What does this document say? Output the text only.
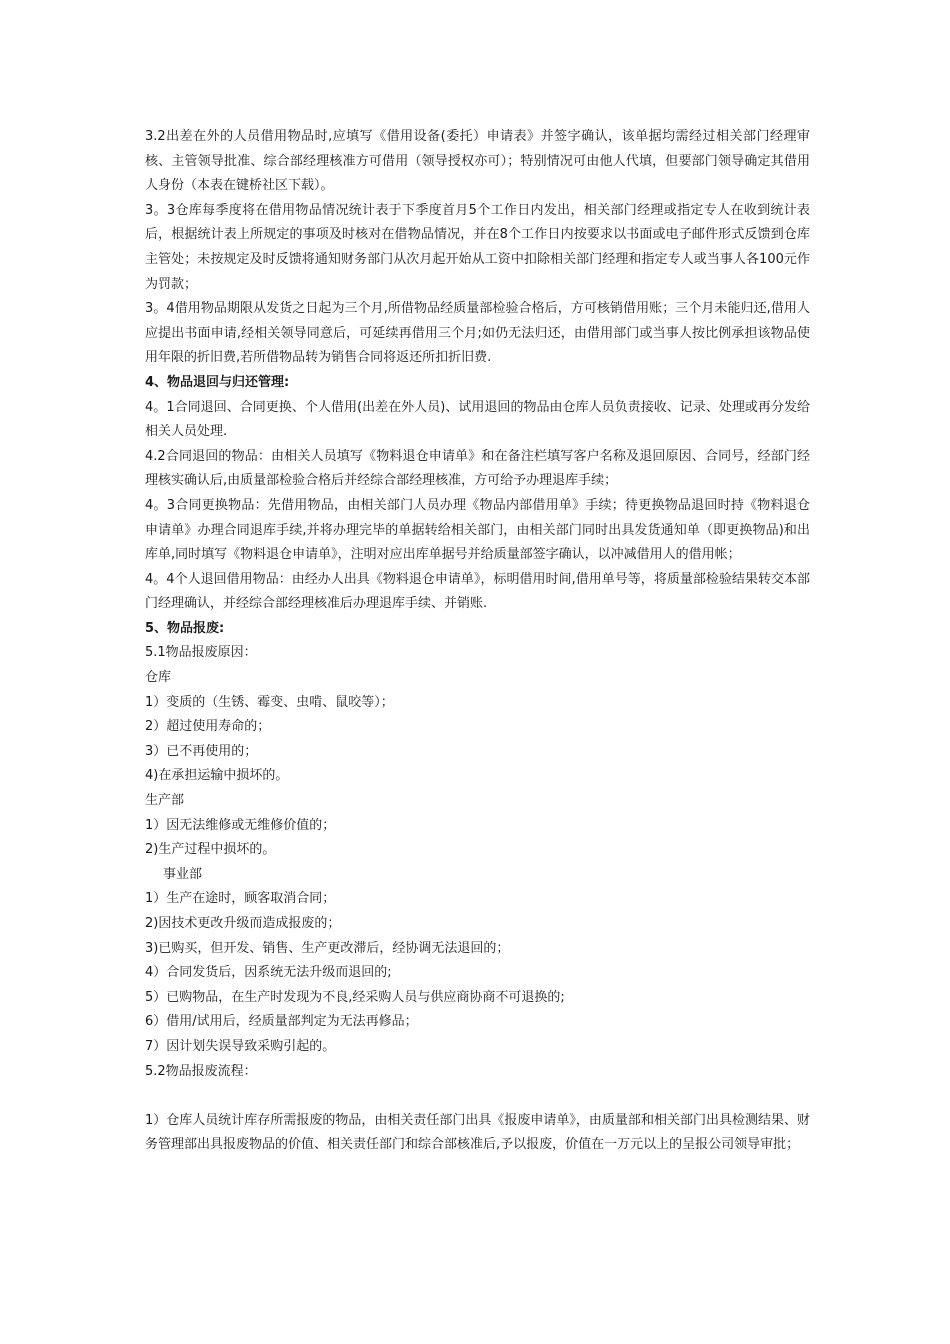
3.2出差在外的人员借用物品时,应填写《借用设备(委托）申请表》并签字确认，该单据均需经过相关部门经理审核、主管领导批准、综合部经理核准方可借用（领导授权亦可）；特别情况可由他人代填，但要部门领导确定其借用人身份（本表在键桥社区下载）。

3。3仓库每季度将在借用物品情况统计表于下季度首月5个工作日内发出，相关部门经理或指定专人在收到统计表后，根据统计表上所规定的事项及时核对在借物品情况，并在8个工作日内按要求以书面或电子邮件形式反馈到仓库主管处；未按规定及时反馈将通知财务部门从次月起开始从工资中扣除相关部门经理和指定专人或当事人各100元作为罚款；

3。4借用物品期限从发货之日起为三个月,所借物品经质量部检验合格后，方可核销借用账；三个月未能归还,借用人应提出书面申请,经相关领导同意后，可延续再借用三个月;如仍无法归还，由借用部门或当事人按比例承担该物品使用年限的折旧费,若所借物品转为销售合同将返还所扣折旧费.

4、物品退回与归还管理:

4。1合同退回、合同更换、个人借用(出差在外人员)、试用退回的物品由仓库人员负责接收、记录、处理或再分发给相关人员处理.

4.2合同退回的物品：由相关人员填写《物料退仓申请单》和在备注栏填写客户名称及退回原因、合同号，经部门经理核实确认后,由质量部检验合格后并经综合部经理核准，方可给予办理退库手续；

4。3合同更换物品：先借用物品，由相关部门人员办理《物品内部借用单》手续；待更换物品退回时持《物料退仓申请单》办理合同退库手续,并将办理完毕的单据转给相关部门，由相关部门同时出具发货通知单（即更换物品)和出库单,同时填写《物料退仓申请单》，注明对应出库单据号并给质量部签字确认，以冲减借用人的借用帐；

4。4个人退回借用物品：由经办人出具《物料退仓申请单》，标明借用时间,借用单号等，将质量部检验结果转交本部门经理确认，并经综合部经理核准后办理退库手续、并销账.

5、物品报废:

5.1物品报废原因：

仓库

1）变质的（生锈、霉变、虫啃、鼠咬等）；

2）超过使用寿命的；

3）已不再使用的；

4)在承担运输中损坏的。

生产部

1）因无法维修或无维修价值的；

2)生产过程中损坏的。

事业部

1）生产在途时，顾客取消合同；

2)因技术更改升级而造成报废的；

3)已购买，但开发、销售、生产更改滞后，经协调无法退回的；

4）合同发货后，因系统无法升级而退回的;

5）已购物品，在生产时发现为不良,经采购人员与供应商协商不可退换的;

6）借用/试用后，经质量部判定为无法再修品；

7）因计划失误导致采购引起的。

5.2物品报废流程：

1）仓库人员统计库存所需报废的物品，由相关责任部门出具《报废申请单》，由质量部和相关部门出具检测结果、财务管理部出具报废物品的价值、相关责任部门和综合部核准后,予以报废，价值在一万元以上的呈报公司领导审批；
